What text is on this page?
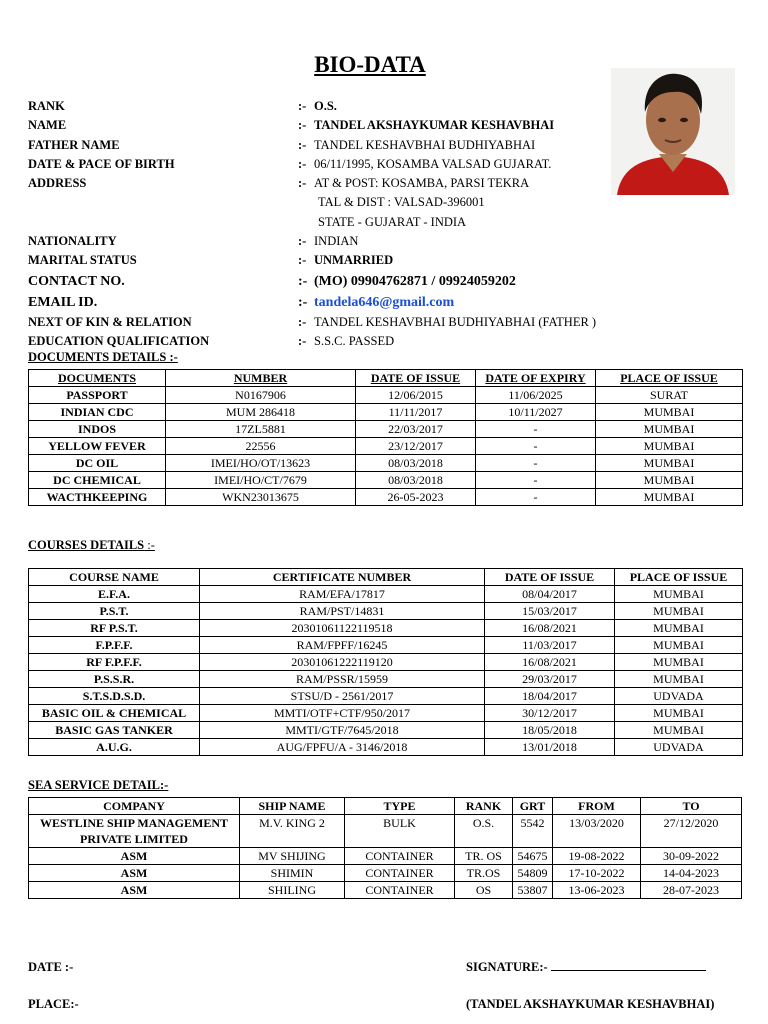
BIO-DATA
RANK	:- O.S.
NAME	:- TANDEL AKSHAYKUMAR KESHAVBHAI
FATHER NAME	:- TANDEL KESHAVBHAI BUDHIYABHAI
DATE & PACE OF BIRTH	:- 06/11/1995, KOSAMBA VALSAD GUJARAT.
ADDRESS	:- AT & POST: KOSAMBA, PARSI TEKRA
TAL & DIST : VALSAD-396001
STATE - GUJARAT - INDIA
NATIONALITY	:- INDIAN
MARITAL STATUS	:- UNMARRIED
CONTACT NO.	:- (MO) 09904762871 / 09924059202
EMAIL ID.	:- tandela646@gmail.com
NEXT OF KIN & RELATION	:- TANDEL KESHAVBHAI BUDHIYABHAI (FATHER )
EDUCATION QUALIFICATION	:- S.S.C. PASSED
DOCUMENTS DETAILS :-
DOCUMENTS	NUMBER	DATE OF ISSUE	DATE OF EXPIRY	PLACE OF ISSUE
PASSPORT	N0167906	12/06/2015	11/06/2025	SURAT
INDIAN CDC	MUM 286418	11/11/2017	10/11/2027	MUMBAI
INDOS	17ZL5881	22/03/2017	-	MUMBAI
YELLOW FEVER	22556	23/12/2017	-	MUMBAI
DC OIL	IMEI/HO/OT/13623	08/03/2018	-	MUMBAI
DC CHEMICAL	IMEI/HO/CT/7679	08/03/2018	-	MUMBAI
WACTHKEEPING	WKN23013675	26-05-2023	-	MUMBAI
COURSES DETAILS :-
COURSE NAME	CERTIFICATE NUMBER	DATE OF ISSUE	PLACE OF ISSUE
E.F.A.	RAM/EFA/17817	08/04/2017	MUMBAI
P.S.T.	RAM/PST/14831	15/03/2017	MUMBAI
RF P.S.T.	20301061122119518	16/08/2021	MUMBAI
F.P.F.F.	RAM/FPFF/16245	11/03/2017	MUMBAI
RF F.P.F.F.	20301061222119120	16/08/2021	MUMBAI
P.S.S.R.	RAM/PSSR/15959	29/03/2017	MUMBAI
S.T.S.D.S.D.	STSU/D - 2561/2017	18/04/2017	UDVADA
BASIC OIL & CHEMICAL	MMTI/OTF+CTF/950/2017	30/12/2017	MUMBAI
BASIC GAS TANKER	MMTI/GTF/7645/2018	18/05/2018	MUMBAI
A.U.G.	AUG/FPFU/A - 3146/2018	13/01/2018	UDVADA
SEA SERVICE DETAIL:-
COMPANY	SHIP NAME	TYPE	RANK	GRT	FROM	TO
WESTLINE SHIP MANAGEMENT	M.V. KING 2	BULK	O.S.	5542	13/03/2020	27/12/2020
PRIVATE LIMITED						
ASM	MV SHIJING	CONTAINER	TR. OS	54675	19-08-2022	30-09-2022
ASM	SHIMIN	CONTAINER	TR.OS	54809	17-10-2022	14-04-2023
ASM	SHILING	CONTAINER	OS	53807	13-06-2023	28-07-2023
DATE :-
PLACE:-
SIGNATURE:-
(TANDEL AKSHAYKUMAR KESHAVBHAI)
